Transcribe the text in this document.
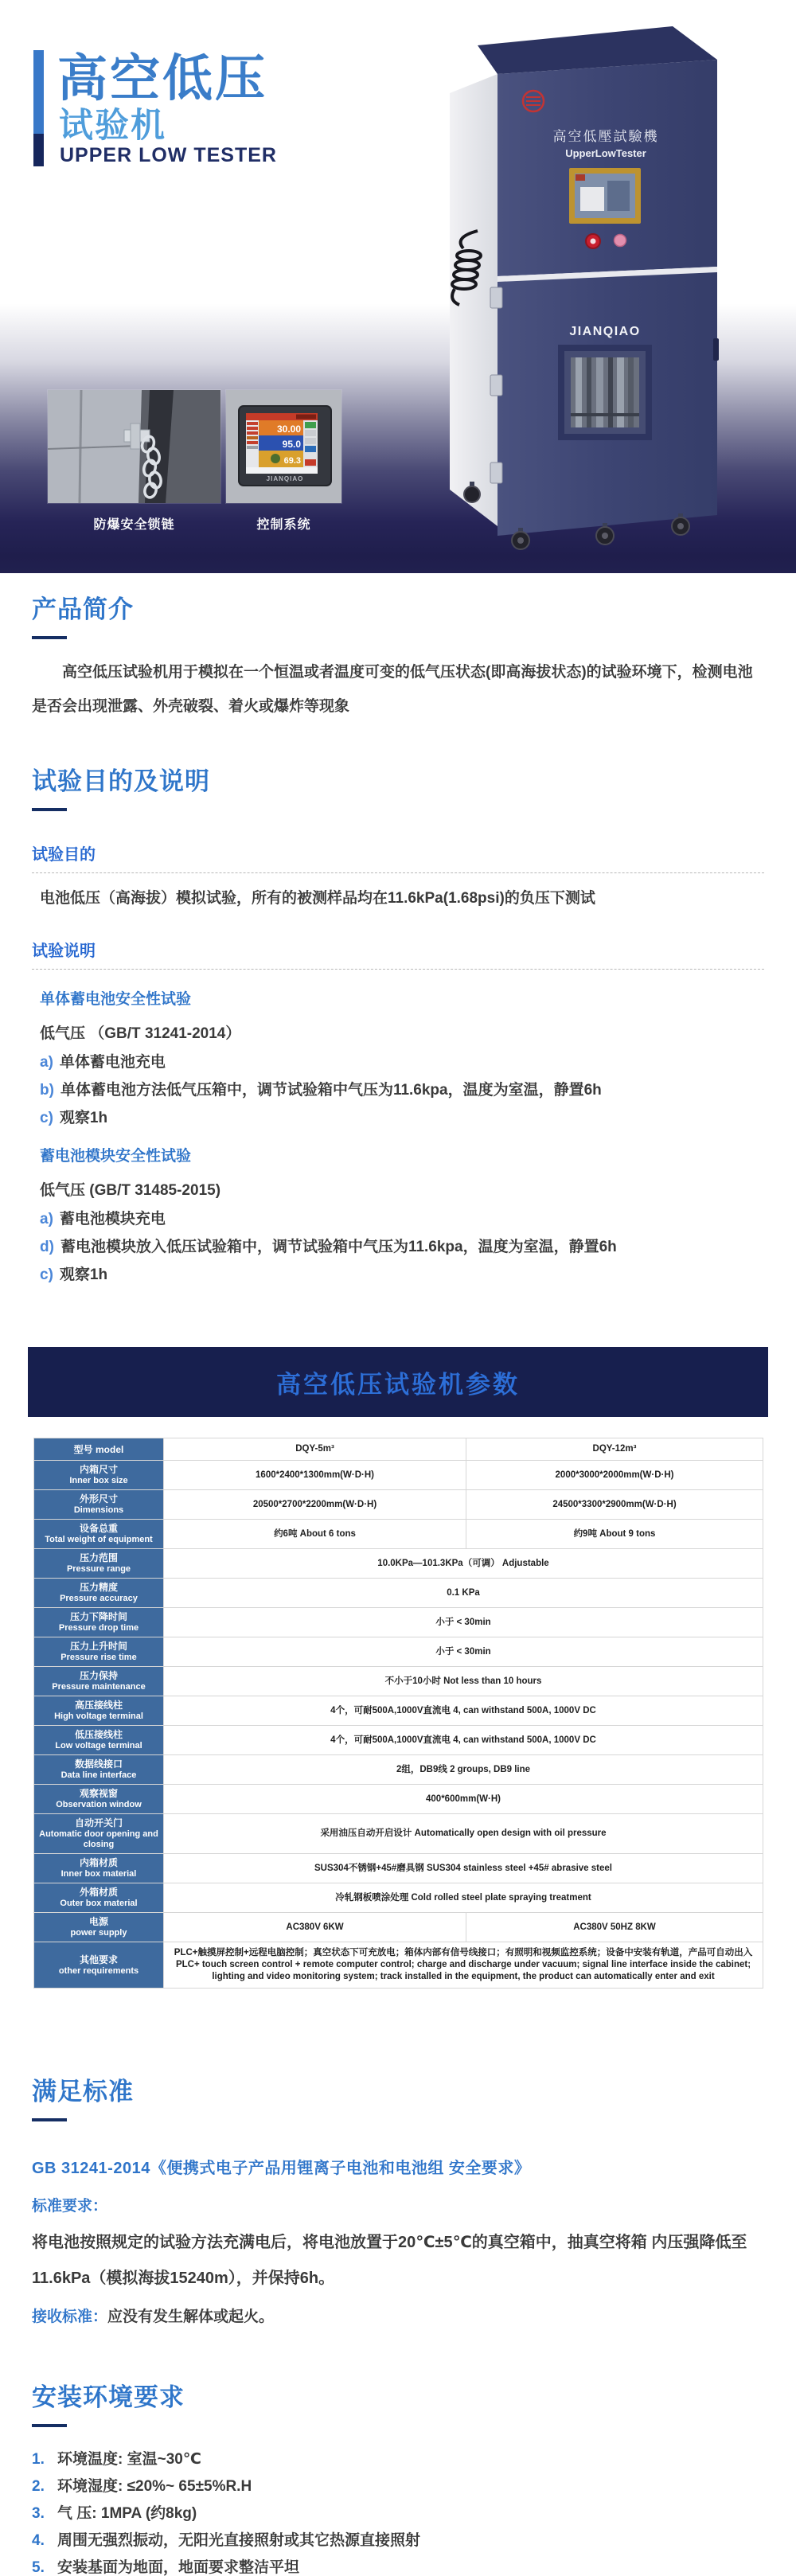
高空低压
试验机
UPPER LOW TESTER
高空低壓試驗機
UpperLowTester
JIANQIAO
30.00
95.0
69.3
JIANQIAO
防爆安全锁链	控制系统
产品简介

高空低压试验机用于模拟在一个恒温或者温度可变的低气压状态(即高海拔状态)的试验环境下，检测电池是否会出现泄露、外壳破裂、着火或爆炸等现象

试验目的及说明
试验目的
电池低压（高海拔）模拟试验，所有的被测样品均在11.6kPa(1.68psi)的负压下测试
试验说明
单体蓄电池安全性试验
低气压 （GB/T 31241-2014）
a) 单体蓄电池充电
b) 单体蓄电池方法低气压箱中，调节试验箱中气压为11.6kpa，温度为室温，静置6h
c) 观察1h
蓄电池模块安全性试验
低气压 (GB/T 31485-2015)
a) 蓄电池模块充电
d) 蓄电池模块放入低压试验箱中，调节试验箱中气压为11.6kpa，温度为室温，静置6h
c) 观察1h
高空低压试验机参数
型号 model	DQY-5m³	DQY-12m³

内箱尺寸
Inner box size	1600*2400*1300mm(W·D·H)	2000*3000*2000mm(W·D·H)

外形尺寸
Dimensions	20500*2700*2200mm(W·D·H)	24500*3300*2900mm(W·D·H)

设备总重
Total weight of equipment	约6吨 About 6 tons	约9吨 About 9 tons

压力范围
Pressure range	10.0KPa—101.3KPa（可调） Adjustable	

压力精度
Pressure accuracy	0.1 KPa	

压力下降时间
Pressure drop time	小于 < 30min	

压力上升时间
Pressure rise time	小于 < 30min	

压力保持
Pressure maintenance	不小于10小时 Not less than 10 hours	

高压接线柱
High voltage terminal	4个，可耐500A,1000V直流电 4, can withstand 500A, 1000V DC	

低压接线柱
Low voltage terminal	4个，可耐500A,1000V直流电 4, can withstand 500A, 1000V DC	

数据线接口
Data line interface	2组，DB9线 2 groups, DB9 line	

观察视窗
Observation window	400*600mm(W·H)	

自动开关门
Automatic door opening and closing	采用油压自动开启设计 Automatically open design with oil pressure	

内箱材质
Inner box material	SUS304不锈钢+45#磨具钢 SUS304 stainless steel +45# abrasive steel	

外箱材质
Outer box material	冷轧钢板喷涂处理 Cold rolled steel plate spraying treatment	

电源
power supply	AC380V 6KW	AC380V 50HZ 8KW

其他要求
other requirements	PLC+触摸屏控制+远程电脑控制；真空状态下可充放电；箱体内部有信号线接口；有照明和视频监控系统；设备中安装有轨道，产品可自动出入 PLC+ touch screen control + remote computer control; charge and discharge under vacuum; signal line interface inside the cabinet; lighting and video monitoring system; track installed in the equipment, the product can automatically enter and exit	
满足标准
GB 31241-2014《便携式电子产品用锂离子电池和电池组 安全要求》
标准要求：
将电池按照规定的试验方法充满电后，将电池放置于20℃±5℃的真空箱中，抽真空将箱 内压强降低至11.6kPa（模拟海拔15240m），并保持6h。
接收标准：应没有发生解体或起火。
安装环境要求
1. 环境温度: 室温~30℃
2. 环境湿度: ≤20%~ 65±5%R.H
3. 气 压: 1MPA (约8kg)
4. 周围无强烈振动，无阳光直接照射或其它热源直接照射
5. 安装基面为地面，地面要求整洁平坦
